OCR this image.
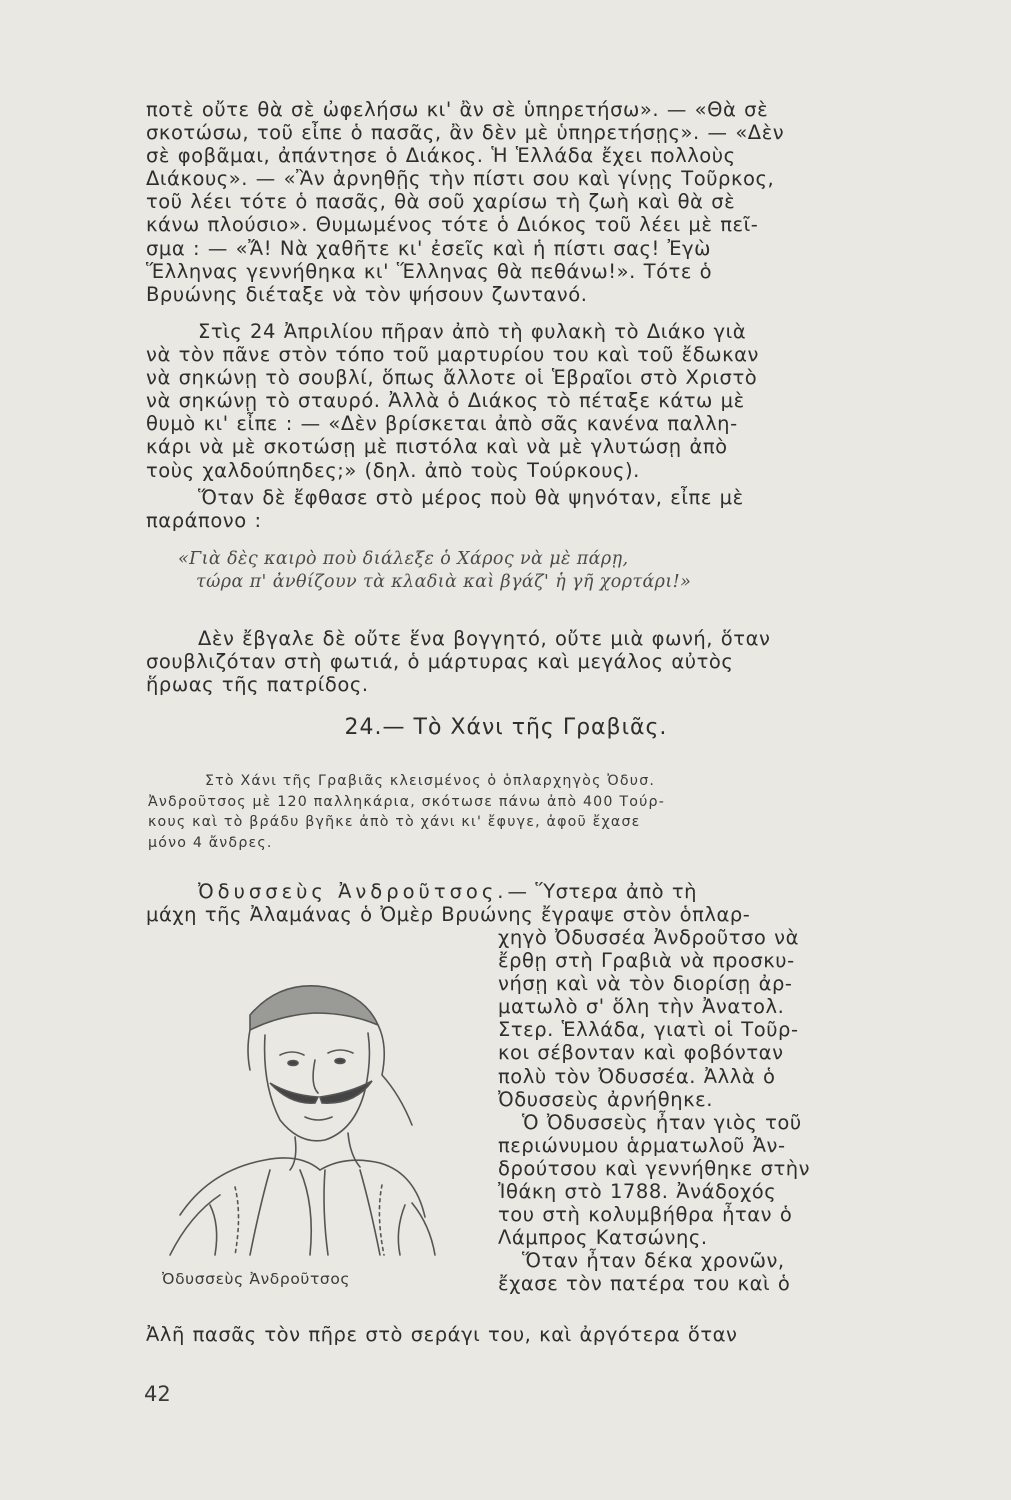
ποτὲ οὔτε θὰ σὲ ὠφελήσω κι' ἂν σὲ ὑπηρετήσω». — «Θὰ σὲ
σκοτώσω, τοῦ εἶπε ὁ πασᾶς, ἂν δὲν μὲ ὑπηρετήσῃς». — «Δὲν
σὲ φοβᾶμαι, ἀπάντησε ὁ Διάκος. Ἡ Ἑλλάδα ἔχει πολλοὺς
Διάκους». — «Ἂν ἀρνηθῇς τὴν πίστι σου καὶ γίνῃς Τοῦρκος,
τοῦ λέει τότε ὁ πασᾶς, θὰ σοῦ χαρίσω τὴ ζωὴ καὶ θὰ σὲ
κάνω πλούσιο». Θυμωμένος τότε ὁ Διόκος τοῦ λέει μὲ πεῖ-
σμα : — «Ἄ! Νὰ χαθῆτε κι' ἐσεῖς καὶ ἡ πίστι σας! Ἐγὼ
Ἕλληνας γεννήθηκα κι' Ἕλληνας θὰ πεθάνω!». Τότε ὁ
Βρυώνης διέταξε νὰ τὸν ψήσουν ζωντανό.
Στὶς 24 Ἀπριλίου πῆραν ἀπὸ τὴ φυλακὴ τὸ Διάκο γιὰ
νὰ τὸν πᾶνε στὸν τόπο τοῦ μαρτυρίου του καὶ τοῦ ἔδωκαν
νὰ σηκώνῃ τὸ σουβλί, ὅπως ἄλλοτε οἱ Ἑβραῖοι στὸ Χριστὸ
νὰ σηκώνῃ τὸ σταυρό. Ἀλλὰ ὁ Διάκος τὸ πέταξε κάτω μὲ
θυμὸ κι' εἶπε : — «Δὲν βρίσκεται ἀπὸ σᾶς κανένα παλλη-
κάρι νὰ μὲ σκοτώσῃ μὲ πιστόλα καὶ νὰ μὲ γλυτώσῃ ἀπὸ
τοὺς χαλδούπηδες;» (δηλ. ἀπὸ τοὺς Τούρκους).
Ὅταν δὲ ἔφθασε στὸ μέρος ποὺ θὰ ψηνόταν, εἶπε μὲ
παράπονο :
«Γιὰ δὲς καιρὸ ποὺ διάλεξε ὁ Χάρος νὰ μὲ πάρῃ,
τώρα π' ἀνθίζουν τὰ κλαδιὰ καὶ βγάζ' ἡ γῆ χορτάρι!»
Δὲν ἔβγαλε δὲ οὔτε ἕνα βογγητό, οὔτε μιὰ φωνή, ὅταν
σουβλιζόταν στὴ φωτιά, ὁ μάρτυρας καὶ μεγάλος αὐτὸς
ἥρωας τῆς πατρίδος.
24.— Τὸ Χάνι τῆς Γραβιᾶς.
Στὸ Χάνι τῆς Γραβιᾶς κλεισμένος ὁ ὁπλαρχηγὸς Ὀδυσ.
Ἀνδροῦτσος μὲ 120 παλληκάρια, σκότωσε πάνω ἀπὸ 400 Τούρ-
κους καὶ τὸ βράδυ βγῆκε ἀπὸ τὸ χάνι κι' ἔφυγε, ἀφοῦ ἔχασε
μόνο 4 ἄνδρες.
Ὀδυσσεὺς Ἀνδροῦτσος.— Ὕστερα ἀπὸ τὴ
μάχη τῆς Ἀλαμάνας ὁ Ὀμὲρ Βρυώνης ἔγραψε στὸν ὁπλαρ-
χηγὸ Ὀδυσσέα Ἀνδροῦτσο νὰ
ἔρθῃ στὴ Γραβιὰ νὰ προσκυ-
νήσῃ καὶ νὰ τὸν διορίσῃ ἀρ-
ματωλὸ σ' ὅλη τὴν Ἀνατολ.
Στερ. Ἑλλάδα, γιατὶ οἱ Τοῦρ-
κοι σέβονταν καὶ φοβόνταν
πολὺ τὸν Ὀδυσσέα. Ἀλλὰ ὁ
Ὀδυσσεὺς ἀρνήθηκε.
Ὁ Ὀδυσσεὺς ἦταν γιὸς τοῦ
περιώνυμου ἁρματωλοῦ Ἀν-
δρούτσου καὶ γεννήθηκε στὴν
Ἰθάκη στὸ 1788. Ἀνάδοχός
του στὴ κολυμβήθρα ἦταν ὁ
Λάμπρος Κατσώνης.
Ὅταν ἦταν δέκα χρονῶν,
ἔχασε τὸν πατέρα του καὶ ὁ
Ὀδυσσεὺς Ἀνδροῦτσος
Ἀλῆ πασᾶς τὸν πῆρε στὸ σεράγι του, καὶ ἀργότερα ὅταν
42
